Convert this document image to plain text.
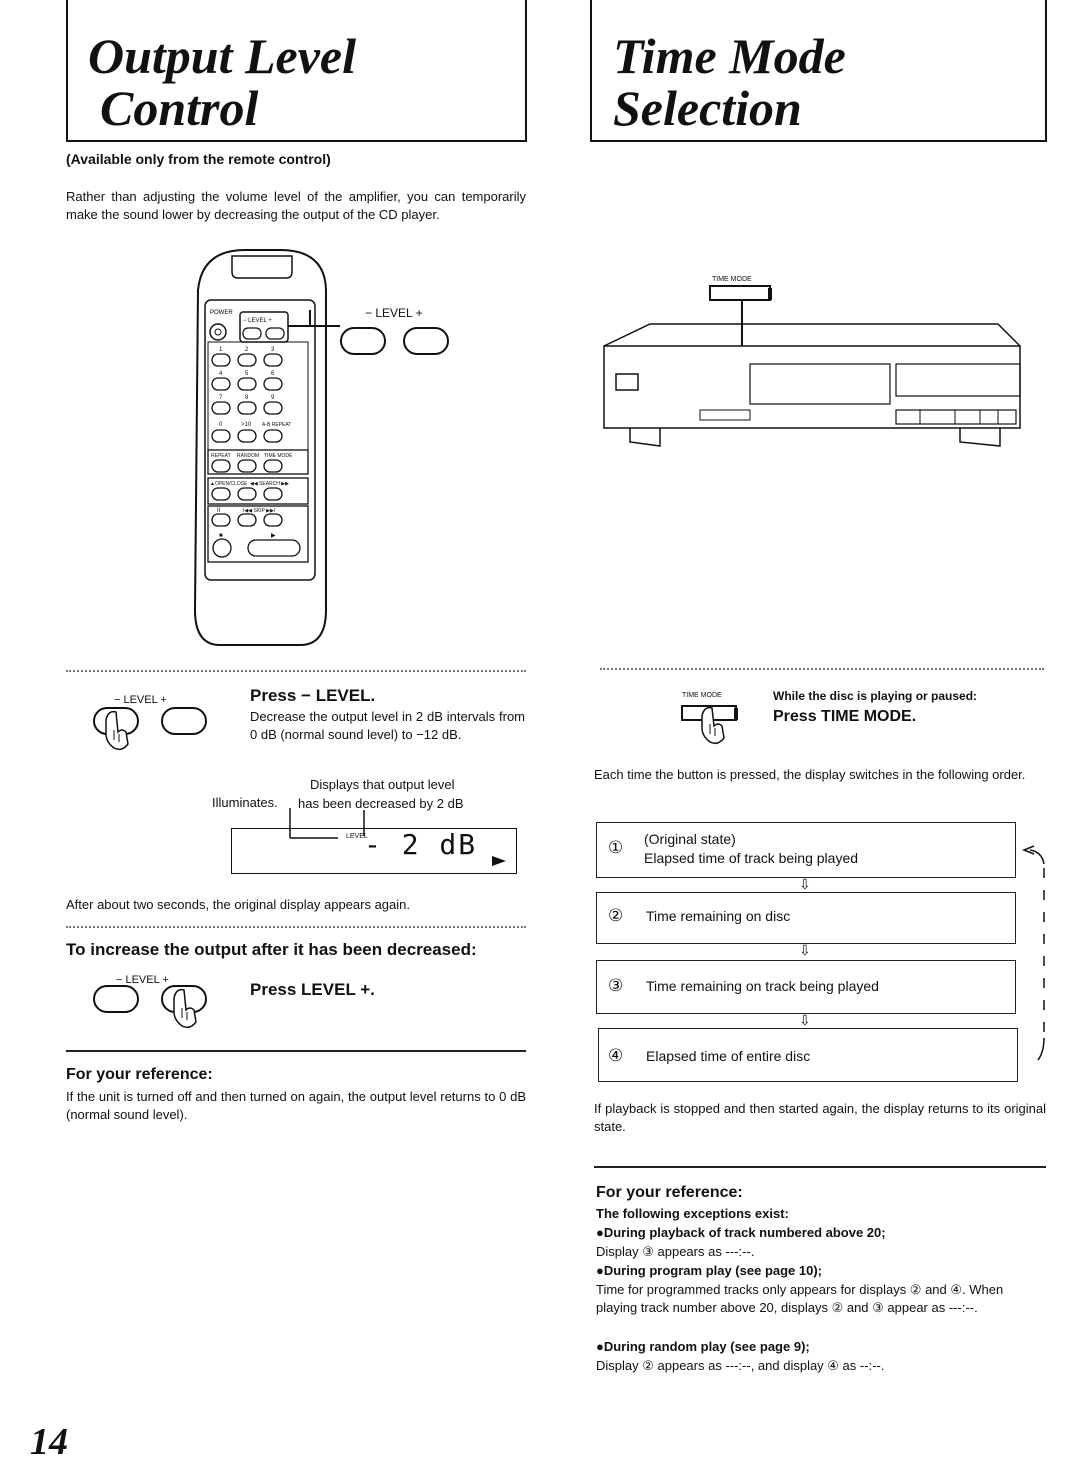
Output Level
Control
(Available only from the remote control)
Rather than adjusting the volume level of the amplifier, you can temporarily make the sound lower by decreasing the output of the CD player.
POWER
− LEVEL +
1	2	3
4	5	6
7	8	9
0	>10 A-B REPEAT
REPEAT RANDOM TIME MODE
▲OPEN/CLOSE ◀◀ SEARCH ▶▶
II	I◀◀ SKIP ▶▶I
■	▶
− LEVEL +
− LEVEL +	Press − LEVEL.
Decrease the output level in 2 dB intervals from 0 dB (normal sound level) to −12 dB.
Displays that output level
Illuminates. has been decreased by 2 dB
LEVEL
- 2 dB
After about two seconds, the original display appears again.
To increase the output after it has been decreased:
− LEVEL +	Press LEVEL +.
For your reference:
If the unit is turned off and then turned on again, the output level returns to 0 dB (normal sound level).
Time Mode
Selection
TIME MODE
TIME MODE	While the disc is playing or paused:
Press TIME MODE.
Each time the button is pressed, the display switches in the following order.
① (Original state)
Elapsed time of track being played
⇩
② Time remaining on disc
⇩
③ Time remaining on track being played
⇩
④ Elapsed time of entire disc
If playback is stopped and then started again, the display returns to its original state.
For your reference:
The following exceptions exist:
●During playback of track numbered above 20;
Display ③ appears as ---:--.
●During program play (see page 10);
Time for programmed tracks only appears for displays ② and ④. When playing track number above 20, displays ② and ③ appear as ---:--.
●During random play (see page 9);
Display ② appears as ---:--, and display ④ as --:--.
14
